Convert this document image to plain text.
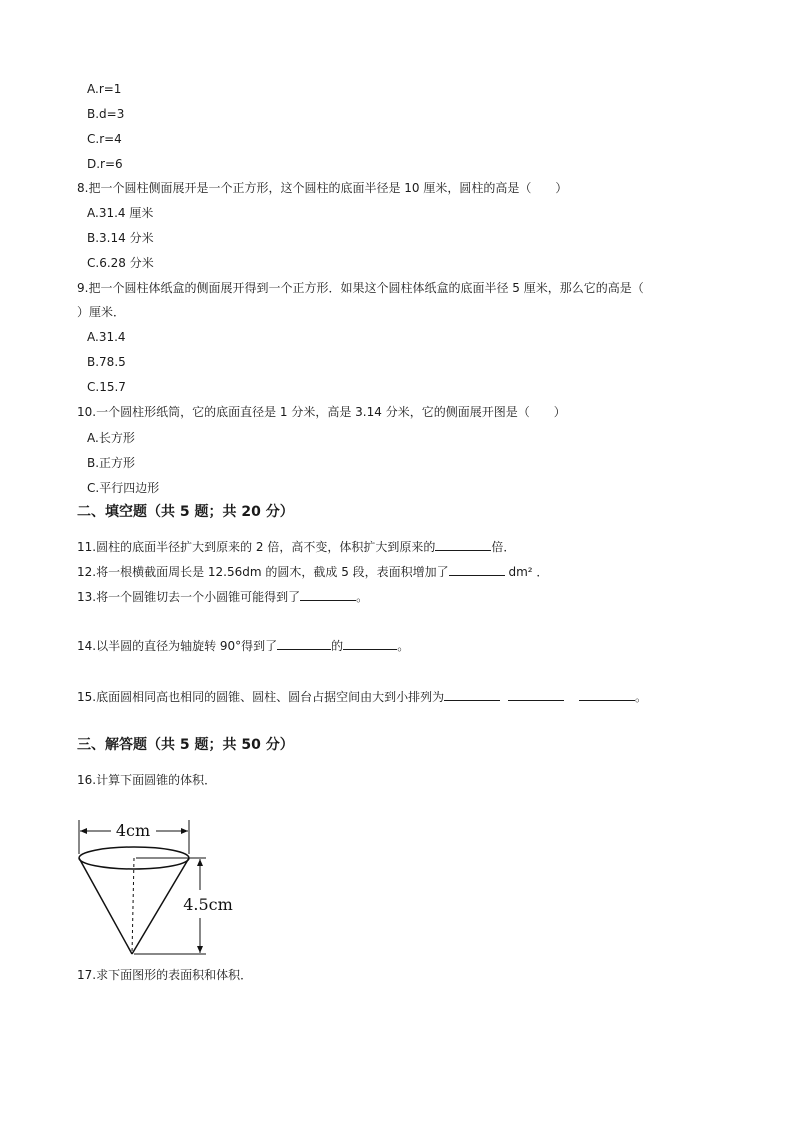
A.r=1
B.d=3
C.r=4
D.r=6
8.把一个圆柱侧面展开是一个正方形，这个圆柱的底面半径是 10 厘米，圆柱的高是（　　）
A.31.4 厘米
B.3.14 分米
C.6.28 分米
9.把一个圆柱体纸盒的侧面展开得到一个正方形．如果这个圆柱体纸盒的底面半径 5 厘米，那么它的高是（
）厘米．
A.31.4
B.78.5
C.15.7
10.一个圆柱形纸筒，它的底面直径是 1 分米，高是 3.14 分米，它的侧面展开图是（　　）
A.长方形
B.正方形
C.平行四边形
二、填空题（共 5 题；共 20 分）
11.圆柱的底面半径扩大到原来的 2 倍，高不变，体积扩大到原来的	倍．
12.将一根横截面周长是 12.56dm 的圆木，截成 5 段，表面积增加了	dm² ．
13.将一个圆锥切去一个小圆锥可能得到了	。
14.以半圆的直径为轴旋转 90°得到了	的	。
15.底面圆相同高也相同的圆锥、圆柱、圆台占据空间由大到小排列为	。
三、解答题（共 5 题；共 50 分）
16.计算下面圆锥的体积．
4cm
4.5cm
17.求下面图形的表面积和体积．
